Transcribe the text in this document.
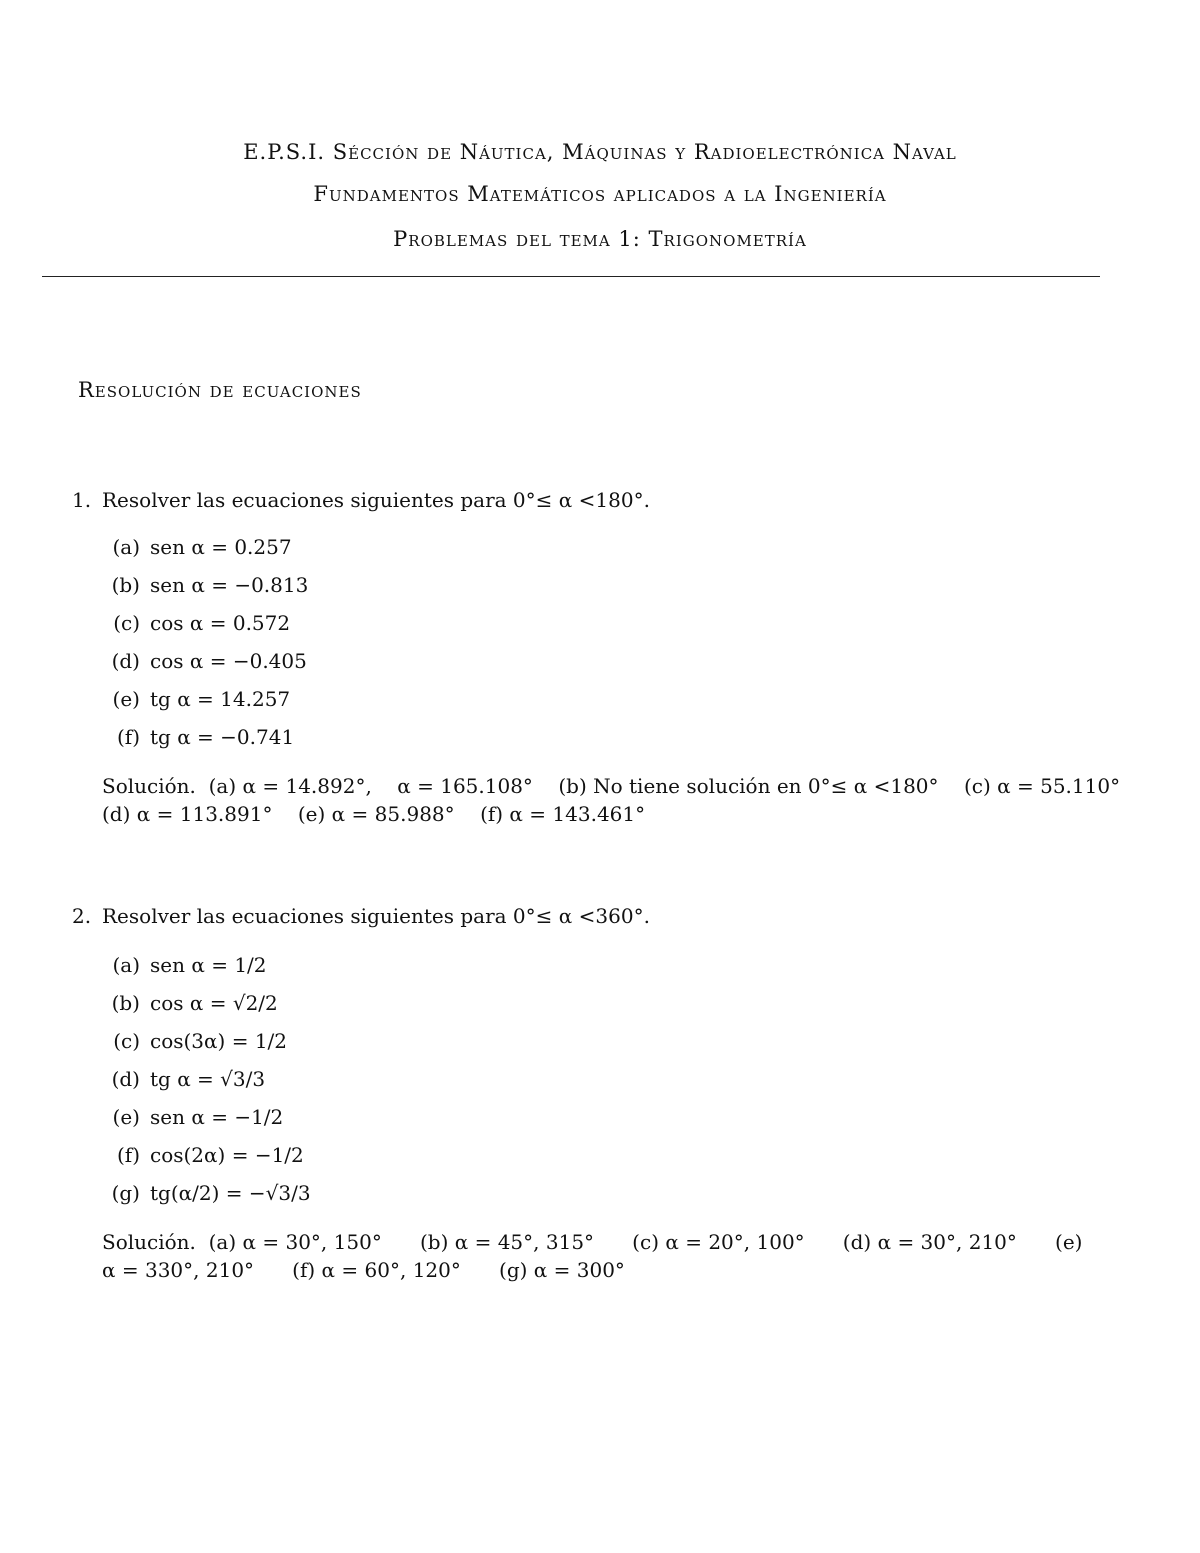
E.P.S.I. Sécción de Náutica, Máquinas y Radioelectrónica Naval
Fundamentos Matemáticos aplicados a la Ingeniería
Problemas del tema 1: Trigonometría
Resolución de ecuaciones
1. Resolver las ecuaciones siguientes para 0°≤ α <180°.
(a) sen α = 0.257
(b) sen α = −0.813
(c) cos α = 0.572
(d) cos α = −0.405
(e) tg α = 14.257
(f) tg α = −0.741
Solución.  (a) α = 14.892°,    α = 165.108°    (b) No tiene solución en 0°≤ α <180°    (c) α = 55.110°
(d) α = 113.891°    (e) α = 85.988°    (f) α = 143.461°
2. Resolver las ecuaciones siguientes para 0°≤ α <360°.
(a) sen α = 1/2
(b) cos α = √2/2
(c) cos(3α) = 1/2
(d) tg α = √3/3
(e) sen α = −1/2
(f) cos(2α) = −1/2
(g) tg(α/2) = −√3/3
Solución.  (a) α = 30°, 150°      (b) α = 45°, 315°      (c) α = 20°, 100°      (d) α = 30°, 210°      (e)
α = 330°, 210°      (f) α = 60°, 120°      (g) α = 300°
